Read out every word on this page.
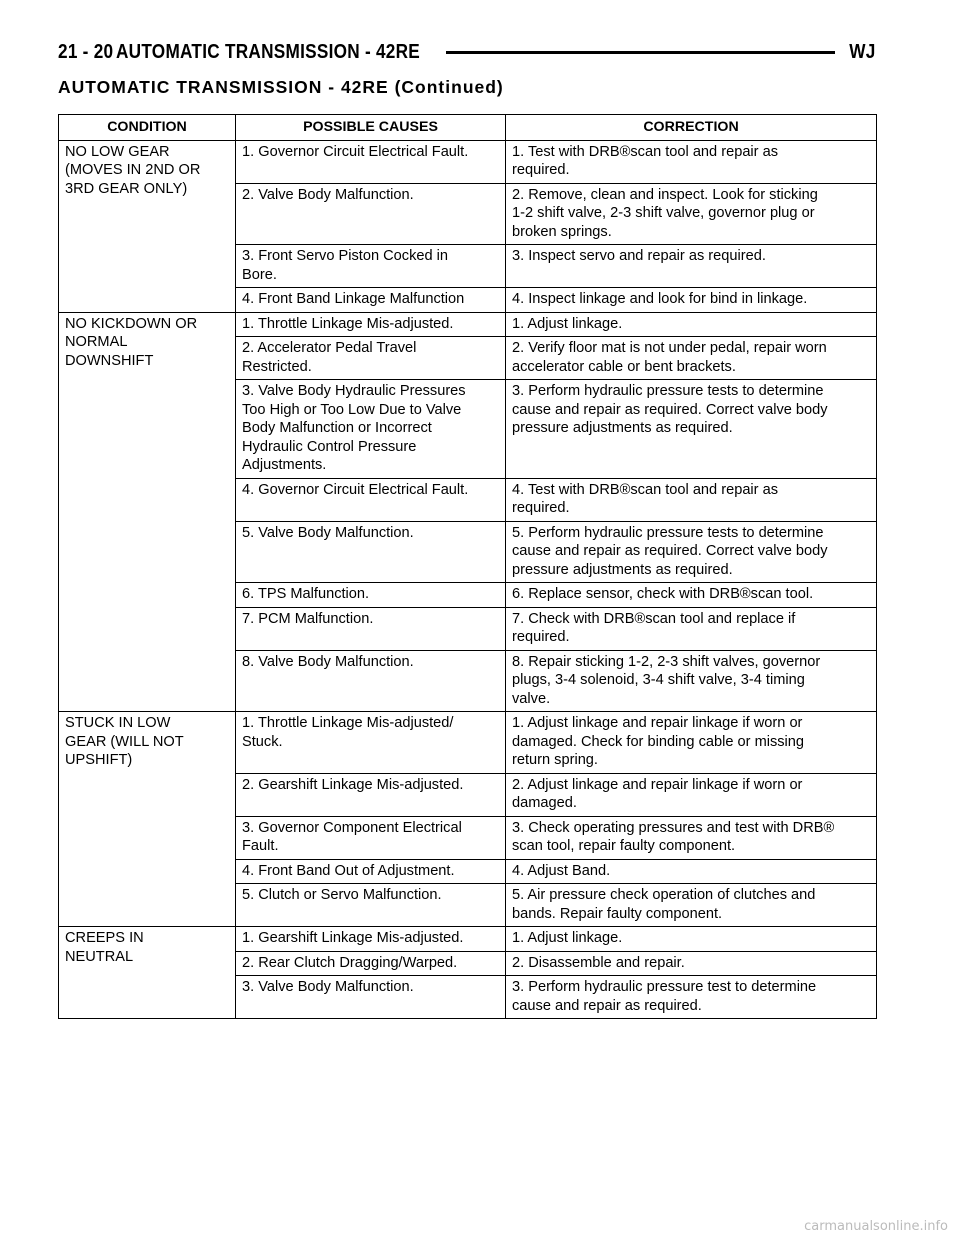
21 - 20 AUTOMATIC TRANSMISSION - 42RE	WJ
AUTOMATIC TRANSMISSION - 42RE (Continued)
CONDITION	POSSIBLE CAUSES	CORRECTION
NO LOW GEAR
(MOVES IN 2ND OR
3RD GEAR ONLY)	1. Governor Circuit Electrical Fault.	1. Test with DRB®scan tool and repair as
required.
	2. Valve Body Malfunction.	2. Remove, clean and inspect. Look for sticking
1-2 shift valve, 2-3 shift valve, governor plug or
broken springs.
	3. Front Servo Piston Cocked in
Bore.	3. Inspect servo and repair as required.
	4. Front Band Linkage Malfunction	4. Inspect linkage and look for bind in linkage.
NO KICKDOWN OR
NORMAL
DOWNSHIFT	1. Throttle Linkage Mis-adjusted.	1. Adjust linkage.
	2. Accelerator Pedal Travel
Restricted.	2. Verify floor mat is not under pedal, repair worn
accelerator cable or bent brackets.
	3. Valve Body Hydraulic Pressures
Too High or Too Low Due to Valve
Body Malfunction or Incorrect
Hydraulic Control Pressure
Adjustments.	3. Perform hydraulic pressure tests to determine
cause and repair as required. Correct valve body
pressure adjustments as required.
	4. Governor Circuit Electrical Fault.	4. Test with DRB®scan tool and repair as
required.
	5. Valve Body Malfunction.	5. Perform hydraulic pressure tests to determine
cause and repair as required. Correct valve body
pressure adjustments as required.
	6. TPS Malfunction.	6. Replace sensor, check with DRB®scan tool.
	7. PCM Malfunction.	7. Check with DRB®scan tool and replace if
required.
	8. Valve Body Malfunction.	8. Repair sticking 1-2, 2-3 shift valves, governor
plugs, 3-4 solenoid, 3-4 shift valve, 3-4 timing
valve.
STUCK IN LOW
GEAR (WILL NOT
UPSHIFT)	1. Throttle Linkage Mis-adjusted/
Stuck.	1. Adjust linkage and repair linkage if worn or
damaged. Check for binding cable or missing
return spring.
	2. Gearshift Linkage Mis-adjusted.	2. Adjust linkage and repair linkage if worn or
damaged.
	3. Governor Component Electrical
Fault.	3. Check operating pressures and test with DRB®
scan tool, repair faulty component.
	4. Front Band Out of Adjustment.	4. Adjust Band.
	5. Clutch or Servo Malfunction.	5. Air pressure check operation of clutches and
bands. Repair faulty component.
CREEPS IN
NEUTRAL	1. Gearshift Linkage Mis-adjusted.	1. Adjust linkage.
	2. Rear Clutch Dragging/Warped.	2. Disassemble and repair.
	3. Valve Body Malfunction.	3. Perform hydraulic pressure test to determine
cause and repair as required.
carmanualsonline.info
